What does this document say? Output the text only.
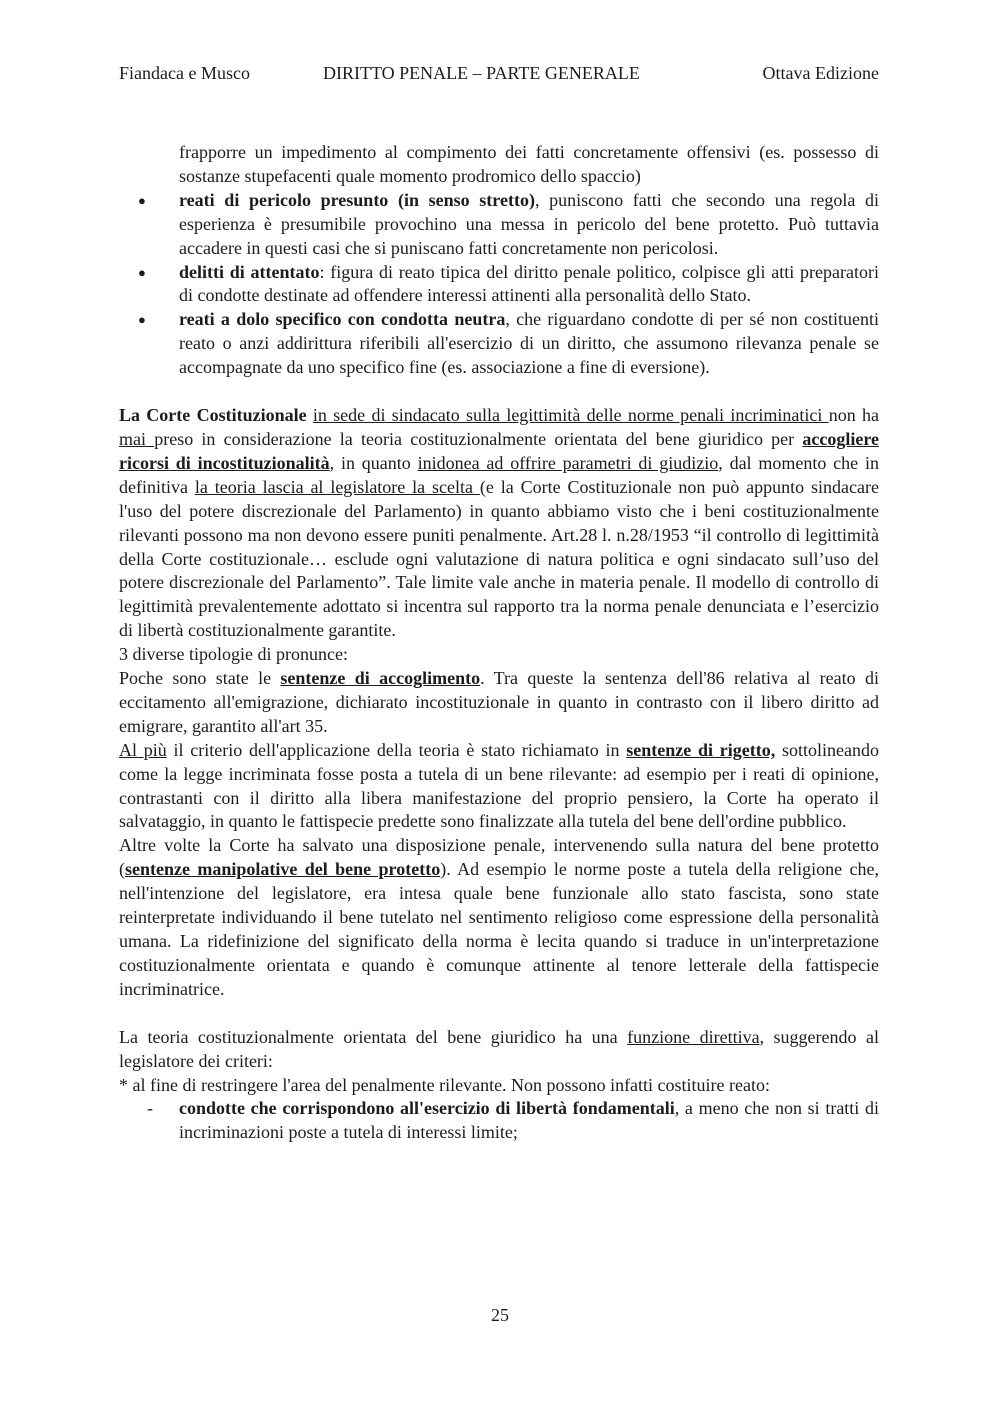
Fiandaca e Musco	DIRITTO PENALE – PARTE GENERALE	Ottava Edizione

frapporre un impedimento al compimento dei fatti concretamente offensivi (es. possesso di sostanze stupefacenti quale momento prodromico dello spaccio)

● reati di pericolo presunto (in senso stretto), puniscono fatti che secondo una regola di esperienza è presumibile provochino una messa in pericolo del bene protetto. Può tuttavia accadere in questi casi che si puniscano fatti concretamente non pericolosi.
● delitti di attentato: figura di reato tipica del diritto penale politico, colpisce gli atti preparatori di condotte destinate ad offendere interessi attinenti alla personalità dello Stato.
● reati a dolo specifico con condotta neutra, che riguardano condotte di per sé non costituenti reato o anzi addirittura riferibili all'esercizio di un diritto, che assumono rilevanza penale se accompagnate da uno specifico fine (es. associazione a fine di eversione).

La Corte Costituzionale in sede di sindacato sulla legittimità delle norme penali incriminatici non ha mai preso in considerazione la teoria costituzionalmente orientata del bene giuridico per accogliere ricorsi di incostituzionalità, in quanto inidonea ad offrire parametri di giudizio, dal momento che in definitiva la teoria lascia al legislatore la scelta (e la Corte Costituzionale non può appunto sindacare l'uso del potere discrezionale del Parlamento) in quanto abbiamo visto che i beni costituzionalmente rilevanti possono ma non devono essere puniti penalmente. Art.28 l. n.28/1953 “il controllo di legittimità della Corte costituzionale… esclude ogni valutazione di natura politica e ogni sindacato sull’uso del potere discrezionale del Parlamento”. Tale limite vale anche in materia penale. Il modello di controllo di legittimità prevalentemente adottato si incentra sul rapporto tra la norma penale denunciata e l’esercizio di libertà costituzionalmente garantite.

3 diverse tipologie di pronunce:

Poche sono state le sentenze di accoglimento. Tra queste la sentenza dell'86 relativa al reato di eccitamento all'emigrazione, dichiarato incostituzionale in quanto in contrasto con il libero diritto ad emigrare, garantito all'art 35.

Al più il criterio dell'applicazione della teoria è stato richiamato in sentenze di rigetto, sottolineando come la legge incriminata fosse posta a tutela di un bene rilevante: ad esempio per i reati di opinione, contrastanti con il diritto alla libera manifestazione del proprio pensiero, la Corte ha operato il salvataggio, in quanto le fattispecie predette sono finalizzate alla tutela del bene dell'ordine pubblico.

Altre volte la Corte ha salvato una disposizione penale, intervenendo sulla natura del bene protetto (sentenze manipolative del bene protetto). Ad esempio le norme poste a tutela della religione che, nell'intenzione del legislatore, era intesa quale bene funzionale allo stato fascista, sono state reinterpretate individuando il bene tutelato nel sentimento religioso come espressione della personalità umana. La ridefinizione del significato della norma è lecita quando si traduce in un'interpretazione costituzionalmente orientata e quando è comunque attinente al tenore letterale della fattispecie incriminatrice.

La teoria costituzionalmente orientata del bene giuridico ha una funzione direttiva, suggerendo al legislatore dei criteri:

* al fine di restringere l'area del penalmente rilevante. Non possono infatti costituire reato:

- condotte che corrispondono all'esercizio di libertà fondamentali, a meno che non si tratti di incriminazioni poste a tutela di interessi limite;
25
